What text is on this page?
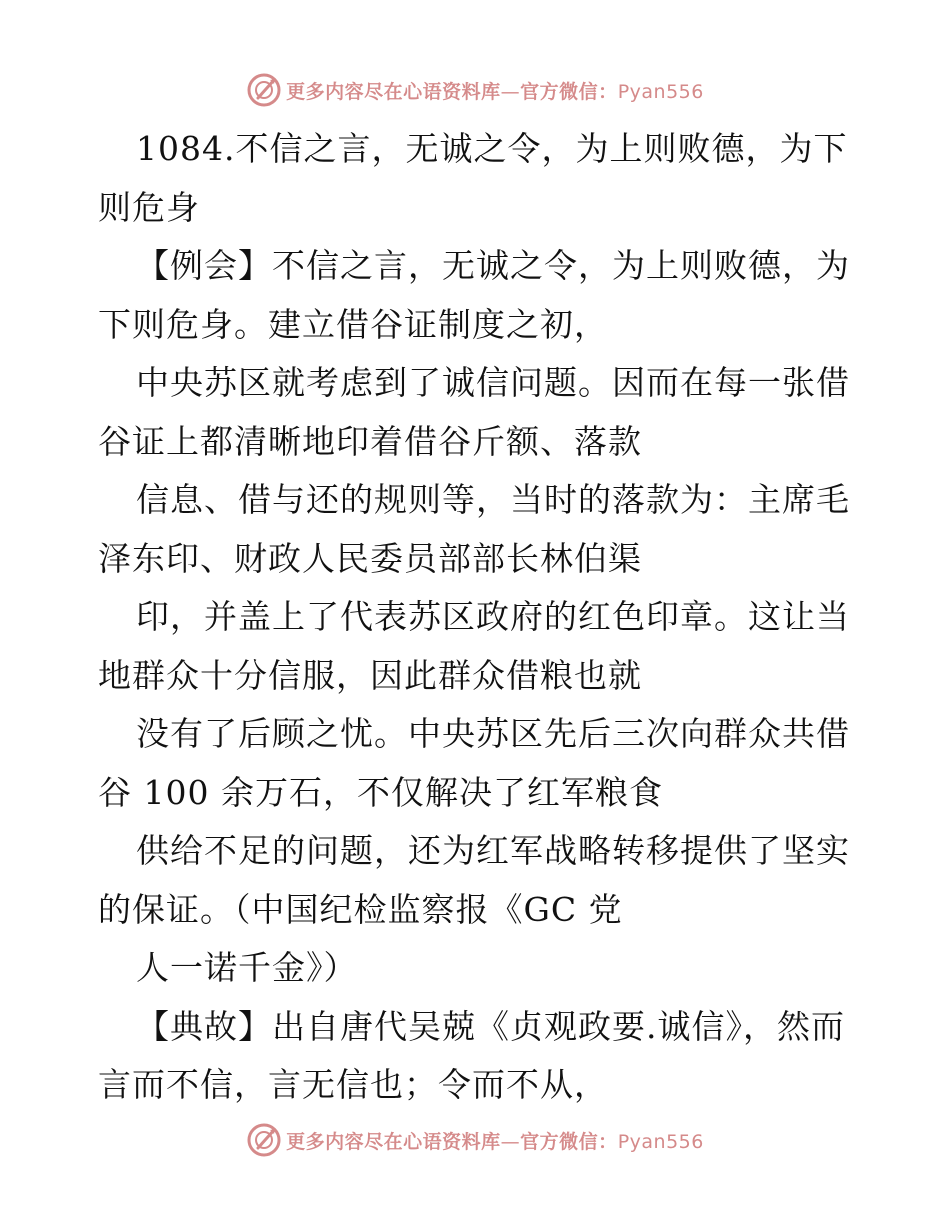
更多内容尽在心语资料库—官方微信：Pyan556

1084.不信之言，无诚之令，为上则败德，为下则危身

【例会】不信之言，无诚之令，为上则败德，为下则危身。建立借谷证制度之初，

中央苏区就考虑到了诚信问题。因而在每一张借谷证上都清晰地印着借谷斤额、落款

信息、借与还的规则等，当时的落款为：主席毛泽东印、财政人民委员部部长林伯渠

印，并盖上了代表苏区政府的红色印章。这让当地群众十分信服，因此群众借粮也就

没有了后顾之忧。中央苏区先后三次向群众共借谷 100 余万石，不仅解决了红军粮食

供给不足的问题，还为红军战略转移提供了坚实的保证。（中国纪检监察报《GC 党

人一诺千金》）

【典故】出自唐代吴兢《贞观政要.诚信》，然而言而不信，言无信也；令而不从，

更多内容尽在心语资料库—官方微信：Pyan556
